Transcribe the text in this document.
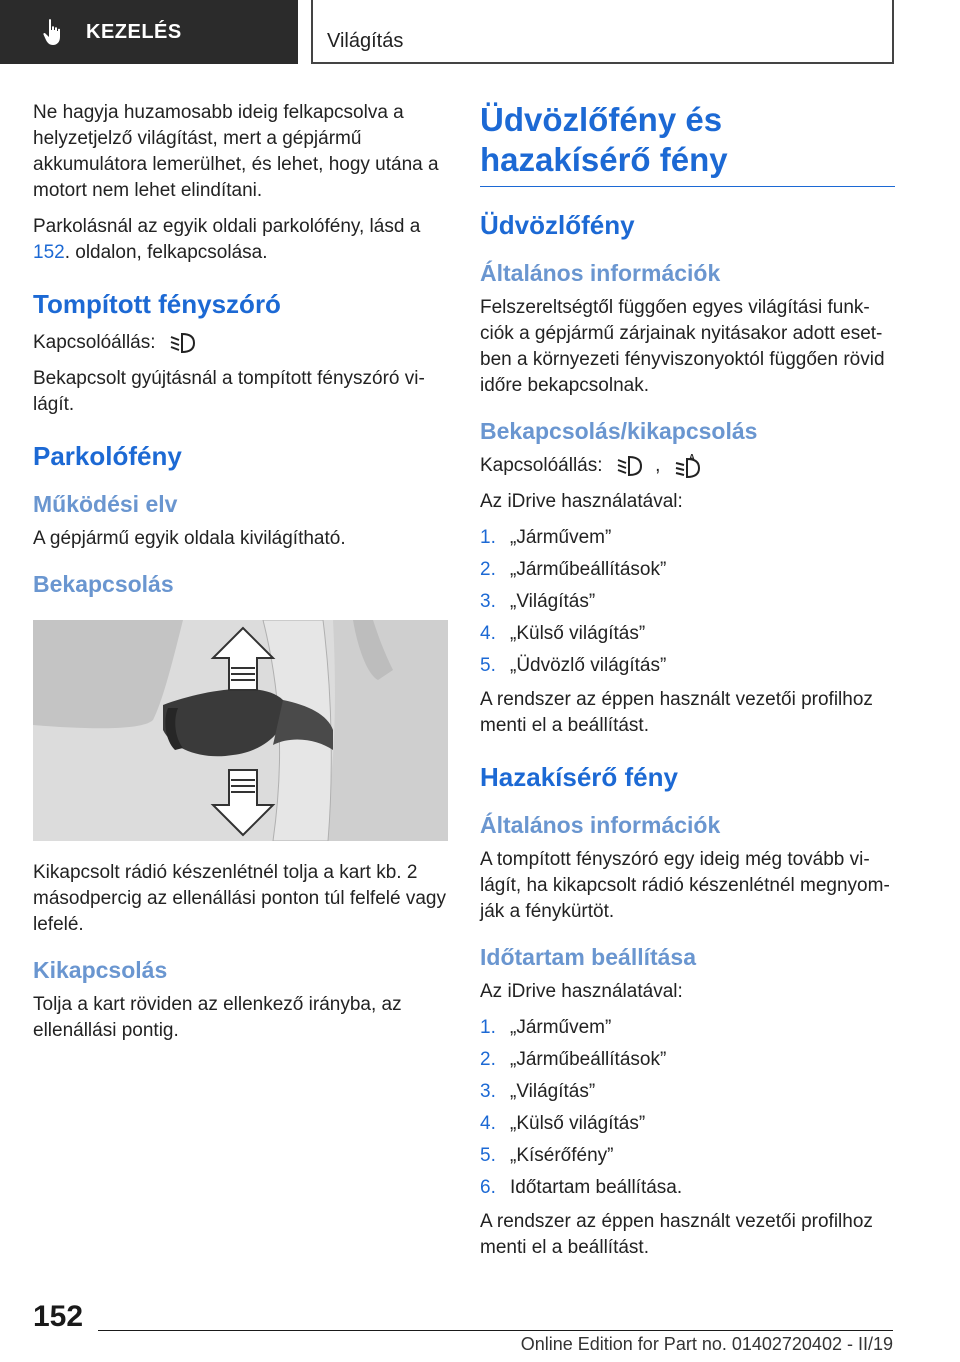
KEZELÉS	Világítás

Ne hagyja huzamosabb ideig felkapcsolva a helyzetjelző világítást, mert a gépjármű akkumulátora lemerülhet, és lehet, hogy utána a motort nem lehet elindítani.

Parkolásnál az egyik oldali parkolófény, lásd a 152. oldalon, felkapcsolása.

Tompított fényszóró

Kapcsolóállás:

Bekapcsolt gyújtásnál a tompított fényszóró világít.

Parkolófény
Működési elv

A gépjármű egyik oldala kivilágítható.

Bekapcsolás

Kikapcsolt rádió készenlétnél tolja a kart kb. 2 másodpercig az ellenállási ponton túl felfelé vagy lefelé.

Kikapcsolás

Tolja a kart röviden az ellenkező irányba, az ellenállási pontig.

Üdvözlőfény és hazakísérő fény
Üdvözlőfény
Általános információk

Felszereltségtől függően egyes világítási funkciók a gépjármű zárjainak nyitásakor adott esetben a környezeti fényviszonyoktól függően rövid időre bekapcsolnak.

Bekapcsolás/kikapcsolás

Kapcsolóállás:	,	A

Az iDrive használatával:

1. „Járművem”
2. „Járműbeállítások”
3. „Világítás”
4. „Külső világítás”
5. „Üdvözlő világítás”

A rendszer az éppen használt vezetői profilhoz menti el a beállítást.

Hazakísérő fény
Általános információk

A tompított fényszóró egy ideig még tovább világít, ha kikapcsolt rádió készenlétnél megnyomják a fénykürtöt.

Időtartam beállítása

Az iDrive használatával:

1. „Járművem”
2. „Járműbeállítások”
3. „Világítás”
4. „Külső világítás”
5. „Kísérőfény”
6. Időtartam beállítása.

A rendszer az éppen használt vezetői profilhoz menti el a beállítást.

152
Online Edition for Part no. 01402720402 - II/19
